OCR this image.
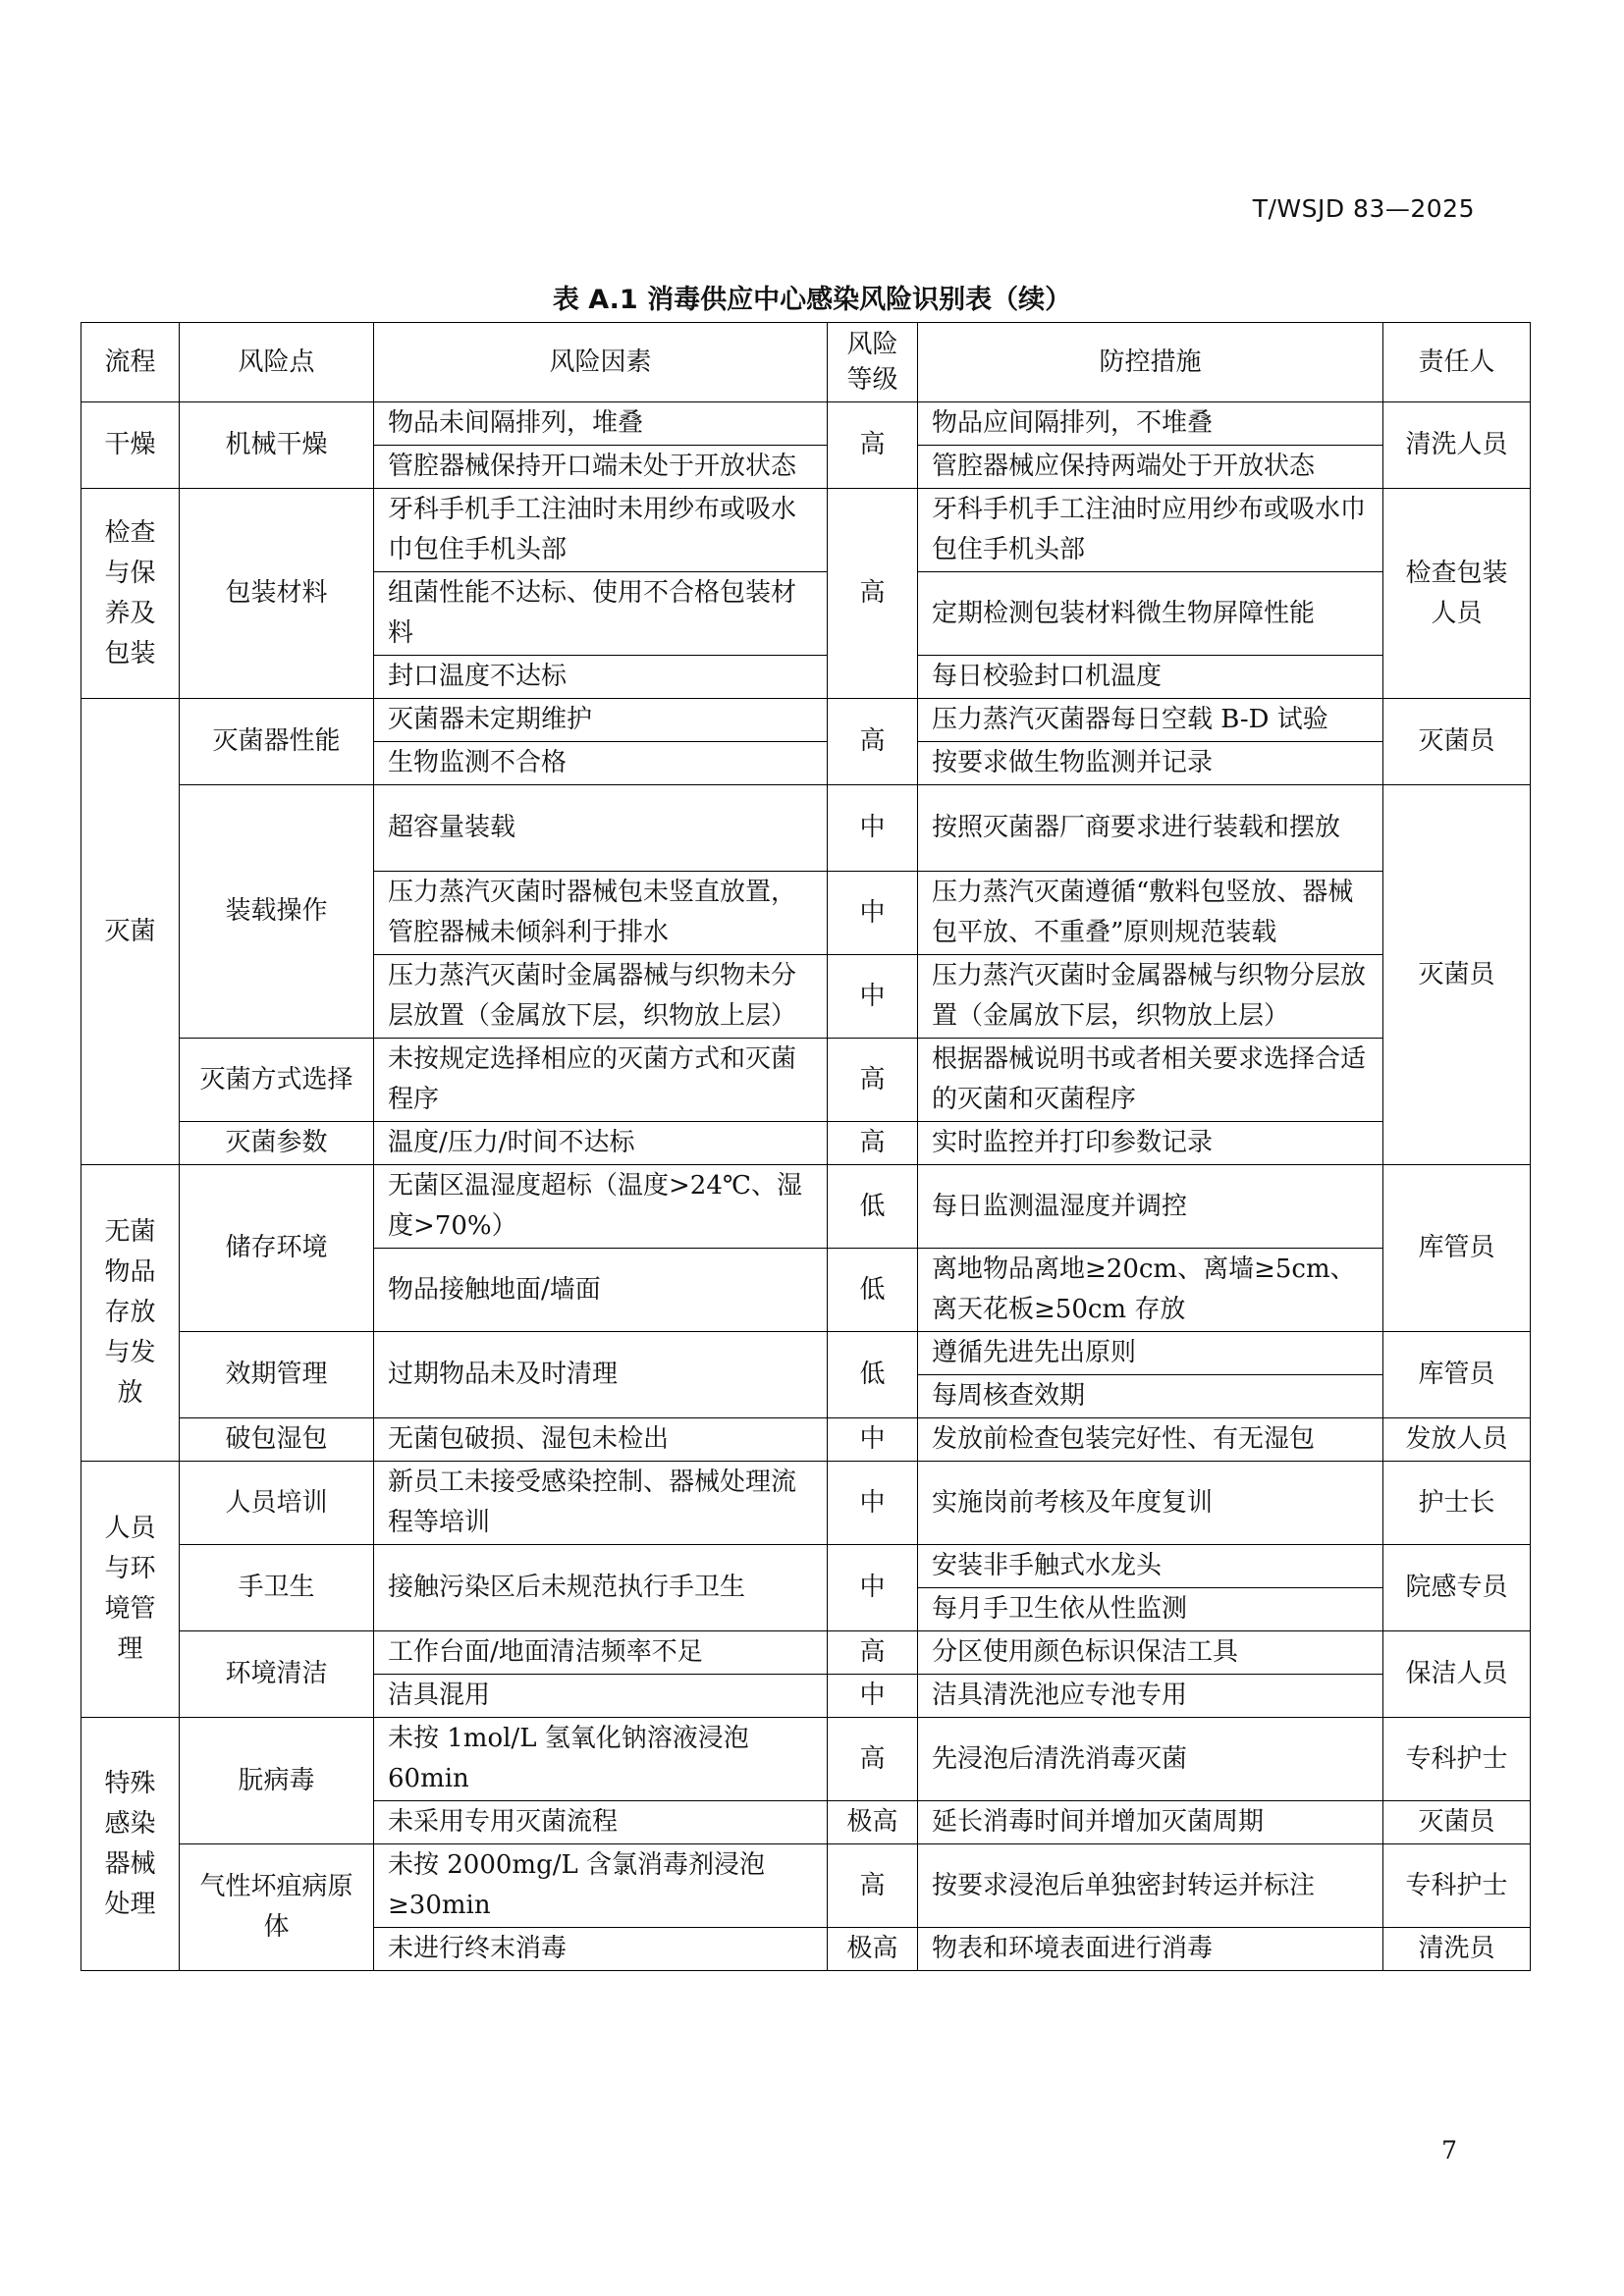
T/WSJD 83—2025
表 A.1 消毒供应中心感染风险识别表（续）
流程	风险点	风险因素	风险等级	防控措施	责任人
干燥	机械干燥	物品未间隔排列，堆叠	高	物品应间隔排列，不堆叠	清洗人员
		管腔器械保持开口端未处于开放状态		管腔器械应保持两端处于开放状态	
检查与保养及包装	包装材料	牙科手机手工注油时未用纱布或吸水巾包住手机头部	高	牙科手机手工注油时应用纱布或吸水巾包住手机头部	检查包装人员
		组菌性能不达标、使用不合格包装材料		定期检测包装材料微生物屏障性能	
		封口温度不达标		每日校验封口机温度	
灭菌	灭菌器性能	灭菌器未定期维护	高	压力蒸汽灭菌器每日空载 B-D 试验	灭菌员
		生物监测不合格		按要求做生物监测并记录	
	装载操作	超容量装载	中	按照灭菌器厂商要求进行装载和摆放	灭菌员
		压力蒸汽灭菌时器械包未竖直放置，管腔器械未倾斜利于排水	中	压力蒸汽灭菌遵循“敷料包竖放、器械包平放、不重叠”原则规范装载	
		压力蒸汽灭菌时金属器械与织物未分层放置（金属放下层，织物放上层）	中	压力蒸汽灭菌时金属器械与织物分层放置（金属放下层，织物放上层）	
	灭菌方式选择	未按规定选择相应的灭菌方式和灭菌程序	高	根据器械说明书或者相关要求选择合适的灭菌和灭菌程序	
	灭菌参数	温度/压力/时间不达标	高	实时监控并打印参数记录	
无菌物品存放与发放	储存环境	无菌区温湿度超标（温度>24℃、湿度>70%）	低	每日监测温湿度并调控	库管员
		物品接触地面/墙面	低	离地物品离地≥20cm、离墙≥5cm、离天花板≥50cm 存放	
	效期管理	过期物品未及时清理	低	遵循先进先出原则	库管员
				每周核查效期	
	破包湿包	无菌包破损、湿包未检出	中	发放前检查包装完好性、有无湿包	发放人员
人员与环境管理	人员培训	新员工未接受感染控制、器械处理流程等培训	中	实施岗前考核及年度复训	护士长
	手卫生	接触污染区后未规范执行手卫生	中	安装非手触式水龙头	院感专员
				每月手卫生依从性监测	
	环境清洁	工作台面/地面清洁频率不足	高	分区使用颜色标识保洁工具	保洁人员
		洁具混用	中	洁具清洗池应专池专用	
特殊感染器械处理	朊病毒	未按 1mol/L 氢氧化钠溶液浸泡 60min	高	先浸泡后清洗消毒灭菌	专科护士
		未采用专用灭菌流程	极高	延长消毒时间并增加灭菌周期	灭菌员
	气性坏疽病原体	未按 2000mg/L 含氯消毒剂浸泡≥30min	高	按要求浸泡后单独密封转运并标注	专科护士
		未进行终末消毒	极高	物表和环境表面进行消毒	清洗员
7
